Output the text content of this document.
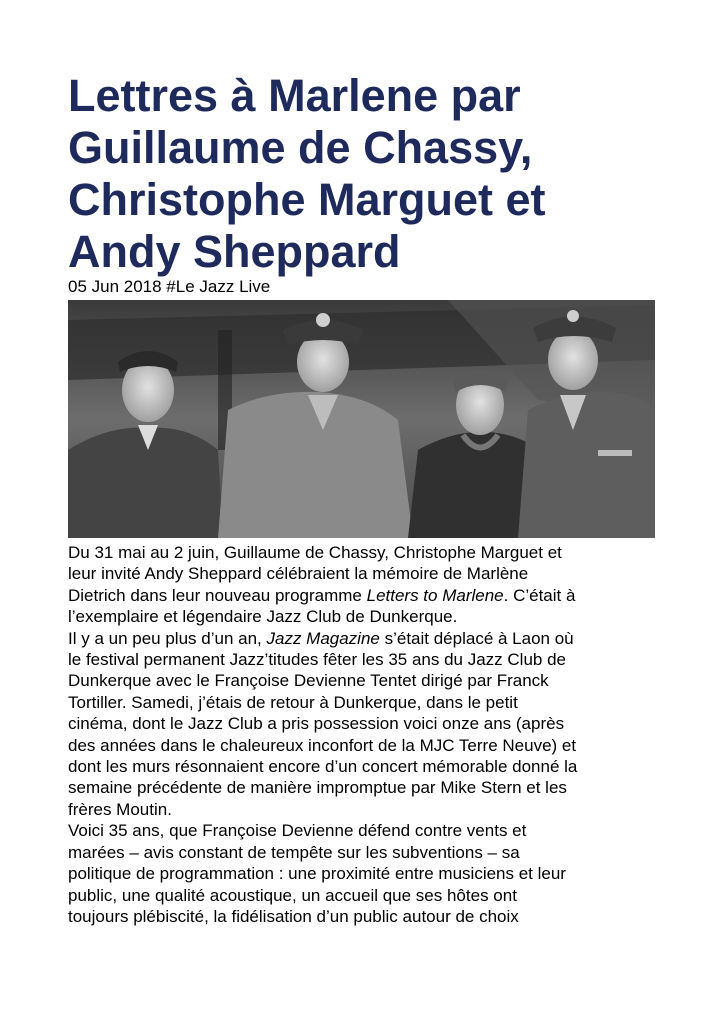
Lettres à Marlene par
Guillaume de Chassy,
Christophe Marguet et
Andy Sheppard
05 Jun 2018 #Le Jazz Live
Du 31 mai au 2 juin, Guillaume de Chassy, Christophe Marguet et
leur invité Andy Sheppard célébraient la mémoire de Marlène
Dietrich dans leur nouveau programme Letters to Marlene. C’était à
l’exemplaire et légendaire Jazz Club de Dunkerque.
Il y a un peu plus d’un an, Jazz Magazine s’était déplacé à Laon où
le festival permanent Jazz’titudes fêter les 35 ans du Jazz Club de
Dunkerque avec le Françoise Devienne Tentet dirigé par Franck
Tortiller. Samedi, j’étais de retour à Dunkerque, dans le petit
cinéma, dont le Jazz Club a pris possession voici onze ans (après
des années dans le chaleureux inconfort de la MJC Terre Neuve) et
dont les murs résonnaient encore d’un concert mémorable donné la
semaine précédente de manière impromptue par Mike Stern et les
frères Moutin.
Voici 35 ans, que Françoise Devienne défend contre vents et
marées – avis constant de tempête sur les subventions – sa
politique de programmation : une proximité entre musiciens et leur
public, une qualité acoustique, un accueil que ses hôtes ont
toujours plébiscité, la fidélisation d’un public autour de choix
